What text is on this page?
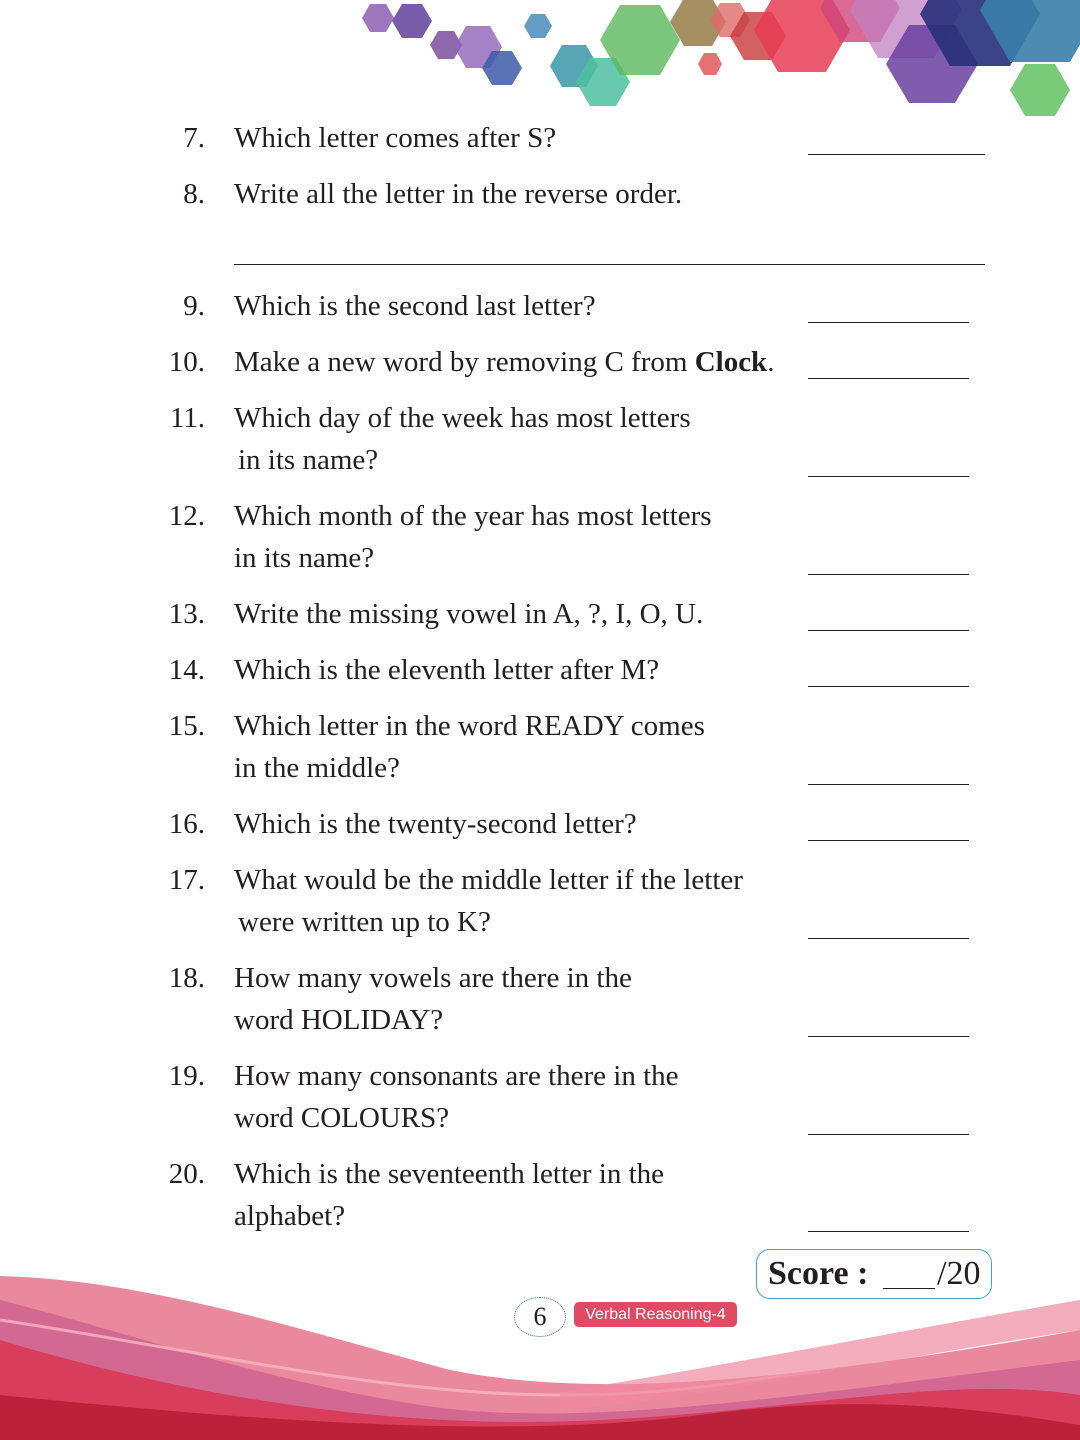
7. Which letter comes after S?
8. Write all the letter in the reverse order.
9. Which is the second last letter?
10. Make a new word by removing C from Clock.
11. Which day of the week has most letters
in its name?
12. Which month of the year has most letters
in its name?
13. Write the missing vowel in A, ?, I, O, U.
14. Which is the eleventh letter after M?
15. Which letter in the word READY comes
in the middle?
16. Which is the twenty-second letter?
17. What would be the middle letter if the letter
were written up to K?
18. How many vowels are there in the
word HOLIDAY?
19. How many consonants are there in the
word COLOURS?
20. Which is the seventeenth letter in the
alphabet?
Score : /20
6	Verbal Reasoning-4
